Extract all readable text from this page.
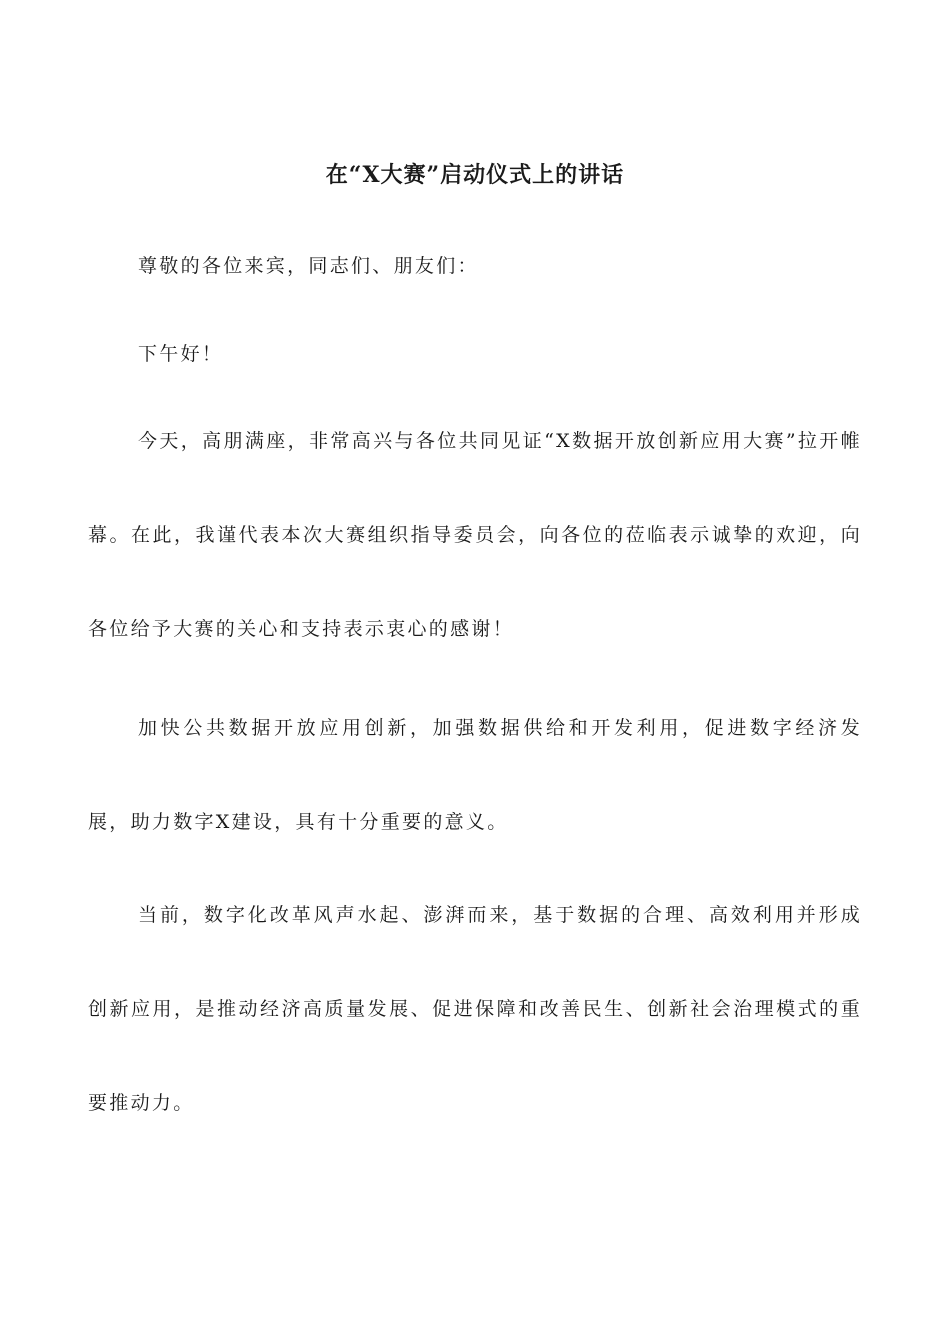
在“X大赛”启动仪式上的讲话

尊敬的各位来宾，同志们、朋友们：

下午好！

今天，高朋满座，非常高兴与各位共同见证“X数据开放创新应用大赛”拉开帷幕。在此，我谨代表本次大赛组织指导委员会，向各位的莅临表示诚挚的欢迎，向各位给予大赛的关心和支持表示衷心的感谢！

加快公共数据开放应用创新，加强数据供给和开发利用，促进数字经济发展，助力数字X建设，具有十分重要的意义。

当前，数字化改革风声水起、澎湃而来，基于数据的合理、高效利用并形成创新应用，是推动经济高质量发展、促进保障和改善民生、创新社会治理模式的重要推动力。
